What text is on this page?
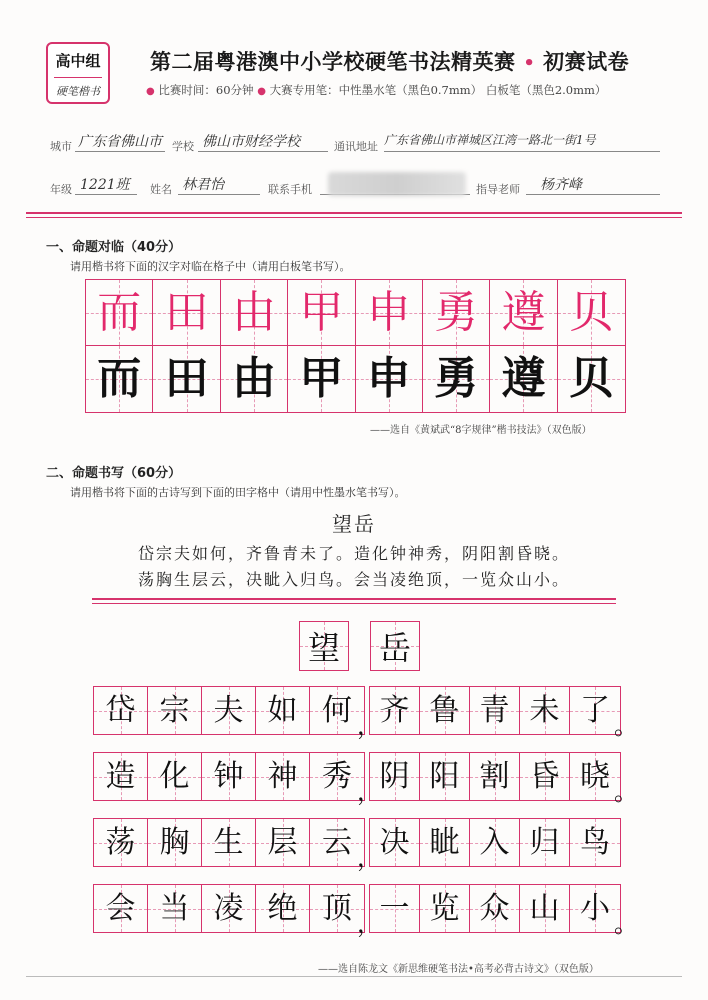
高中组
硬笔楷书
第二届粤港澳中小学校硬笔书法精英赛 • 初赛试卷
● 比赛时间：60分钟 ● 大赛专用笔：中性墨水笔（黑色0.7mm） 白板笔（黑色2.0mm）
城市 广东省佛山市 学校 佛山市财经学校	通讯地址 广东省佛山市禅城区江湾一路北一街1号
年级 1221班 姓名 林君怡	联系手机	指导老师 杨齐峰
一、命题对临（40分）
请用楷书将下面的汉字对临在格子中（请用白板笔书写）。
而 田 由 甲 申 勇 遵 贝
而 田 由 甲 申 勇 遵 贝
——选自《黄斌武“8字规律”楷书技法》（双色版）
二、命题书写（60分）
请用楷书将下面的古诗写到下面的田字格中（请用中性墨水笔书写）。
望岳
岱宗夫如何，齐鲁青未了。造化钟神秀，阴阳割昏晓。
荡胸生层云，决眦入归鸟。会当凌绝顶，一览众山小。
望 岳
岱 宗 夫 如 何 ，
齐 鲁 青 未 了 。
造 化 钟 神 秀 ，
阴 阳 割 昏 晓 。
荡 胸 生 层 云 ，
决 眦 入 归 鸟
会 当 凌 绝 顶 ，
一 览 众 山 小 。
——选自陈龙文《新思维硬笔书法•高考必背古诗文》（双色版）
